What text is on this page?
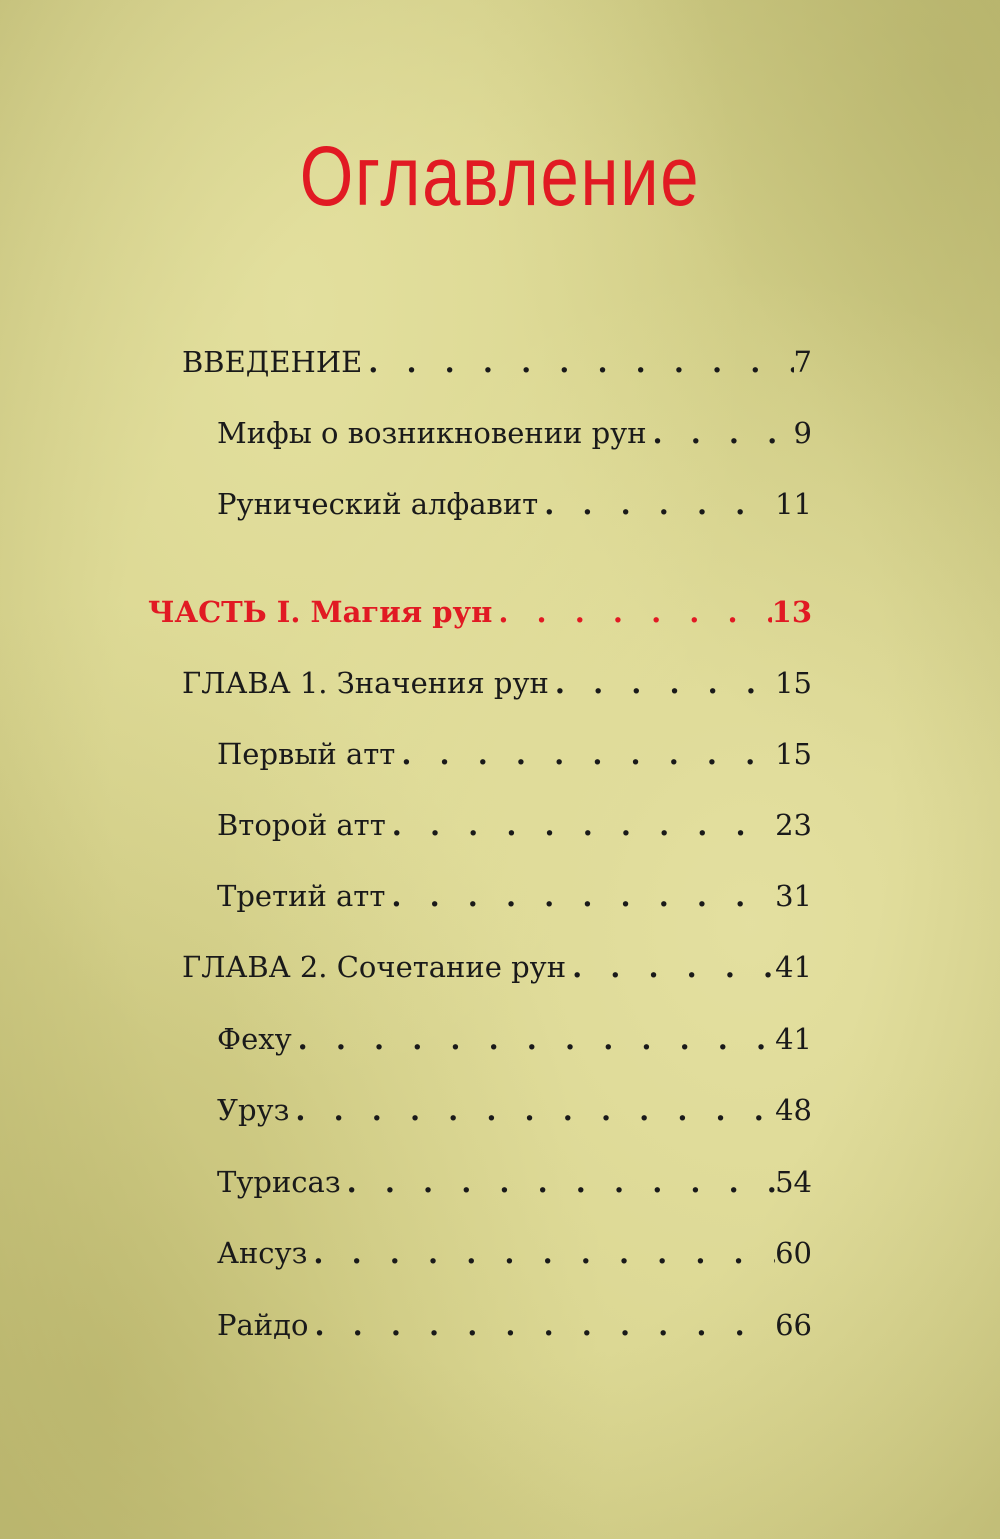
Оглавление
ВВЕДЕНИЕ . . .	7
Мифы о возникновении рун . . .	9
Рунический алфавит . . .	11
ЧАСТЬ I. Магия рун . . .	13
ГЛАВА 1. Значения рун . . .	15
Первый атт . . .	15
Второй атт . . .	23
Третий атт . . .	31
ГЛАВА 2. Сочетание рун . . .	41
Феху . . .	41
Уруз . . .	48
Турисаз . . .	54
Ансуз . . .	60
Райдо . . .	66
